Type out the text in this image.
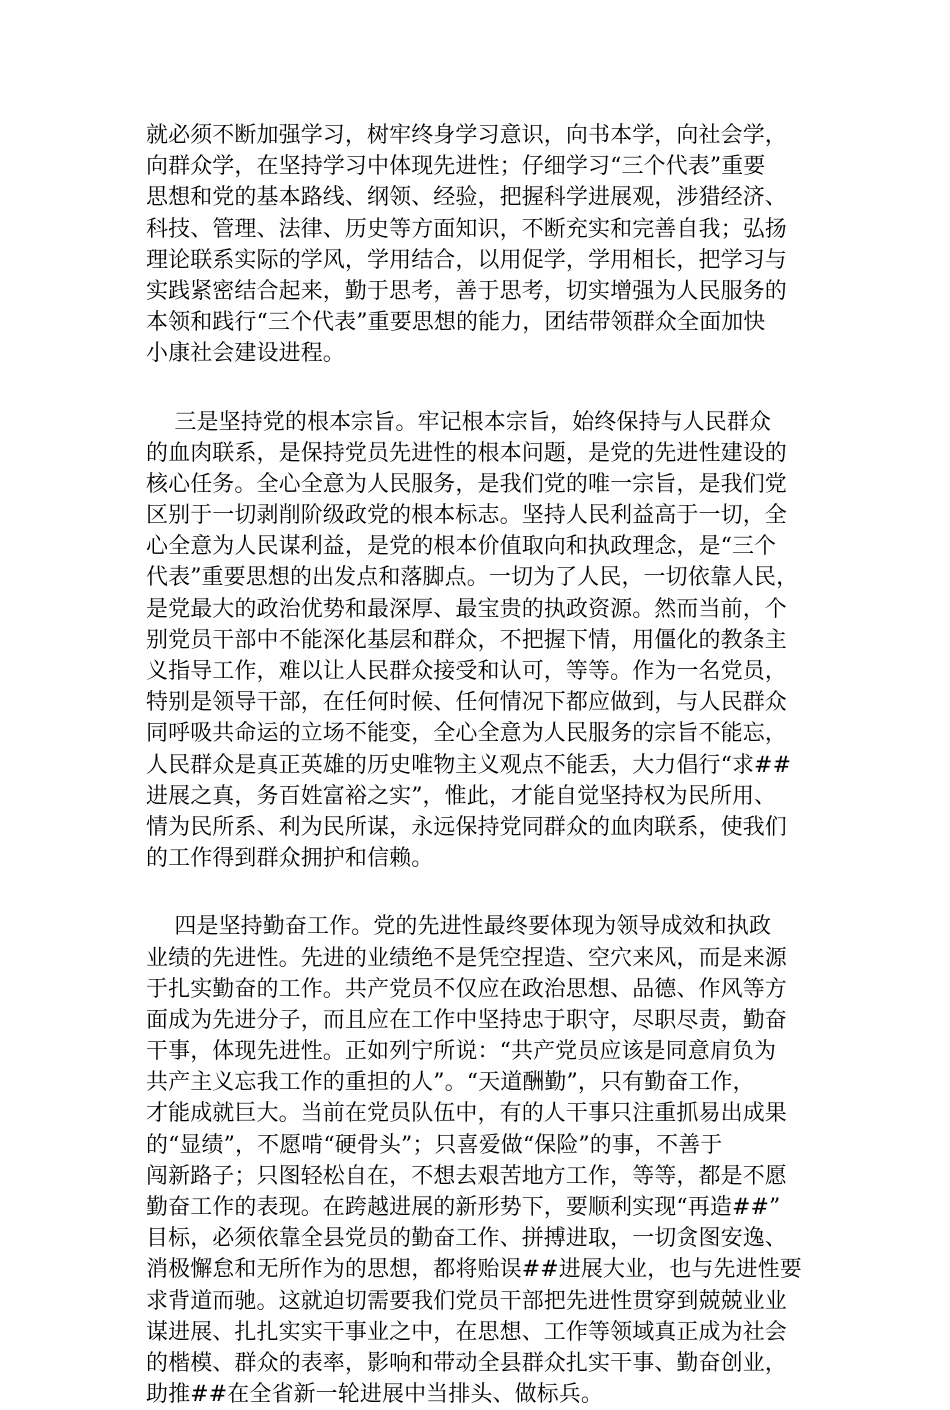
就必须不断加强学习，树牢终身学习意识，向书本学，向社会学，
向群众学，在坚持学习中体现先进性；仔细学习“三个代表”重要
思想和党的基本路线、纲领、经验，把握科学进展观，涉猎经济、
科技、管理、法律、历史等方面知识，不断充实和完善自我；弘扬
理论联系实际的学风，学用结合，以用促学，学用相长，把学习与
实践紧密结合起来，勤于思考，善于思考，切实增强为人民服务的
本领和践行“三个代表”重要思想的能力，团结带领群众全面加快
小康社会建设进程。
三是坚持党的根本宗旨。牢记根本宗旨，始终保持与人民群众
的血肉联系，是保持党员先进性的根本问题，是党的先进性建设的
核心任务。全心全意为人民服务，是我们党的唯一宗旨，是我们党
区别于一切剥削阶级政党的根本标志。坚持人民利益高于一切，全
心全意为人民谋利益，是党的根本价值取向和执政理念，是“三个
代表”重要思想的出发点和落脚点。一切为了人民，一切依靠人民，
是党最大的政治优势和最深厚、最宝贵的执政资源。然而当前，个
别党员干部中不能深化基层和群众，不把握下情，用僵化的教条主
义指导工作，难以让人民群众接受和认可，等等。作为一名党员，
特别是领导干部，在任何时候、任何情况下都应做到，与人民群众
同呼吸共命运的立场不能变，全心全意为人民服务的宗旨不能忘，
人民群众是真正英雄的历史唯物主义观点不能丢，大力倡行“求##
进展之真，务百姓富裕之实”，惟此，才能自觉坚持权为民所用、
情为民所系、利为民所谋，永远保持党同群众的血肉联系，使我们
的工作得到群众拥护和信赖。
四是坚持勤奋工作。党的先进性最终要体现为领导成效和执政
业绩的先进性。先进的业绩绝不是凭空捏造、空穴来风，而是来源
于扎实勤奋的工作。共产党员不仅应在政治思想、品德、作风等方
面成为先进分子，而且应在工作中坚持忠于职守，尽职尽责，勤奋
干事，体现先进性。正如列宁所说：“共产党员应该是同意肩负为
共产主义忘我工作的重担的人”。“天道酬勤”，只有勤奋工作，
才能成就巨大。当前在党员队伍中，有的人干事只注重抓易出成果
的“显绩”，不愿啃“硬骨头”；只喜爱做“保险”的事，不善于
闯新路子；只图轻松自在，不想去艰苦地方工作，等等，都是不愿
勤奋工作的表现。在跨越进展的新形势下，要顺利实现“再造##”
目标，必须依靠全县党员的勤奋工作、拼搏进取，一切贪图安逸、
消极懈怠和无所作为的思想，都将贻误##进展大业，也与先进性要
求背道而驰。这就迫切需要我们党员干部把先进性贯穿到兢兢业业
谋进展、扎扎实实干事业之中，在思想、工作等领域真正成为社会
的楷模、群众的表率，影响和带动全县群众扎实干事、勤奋创业，
助推##在全省新一轮进展中当排头、做标兵。
